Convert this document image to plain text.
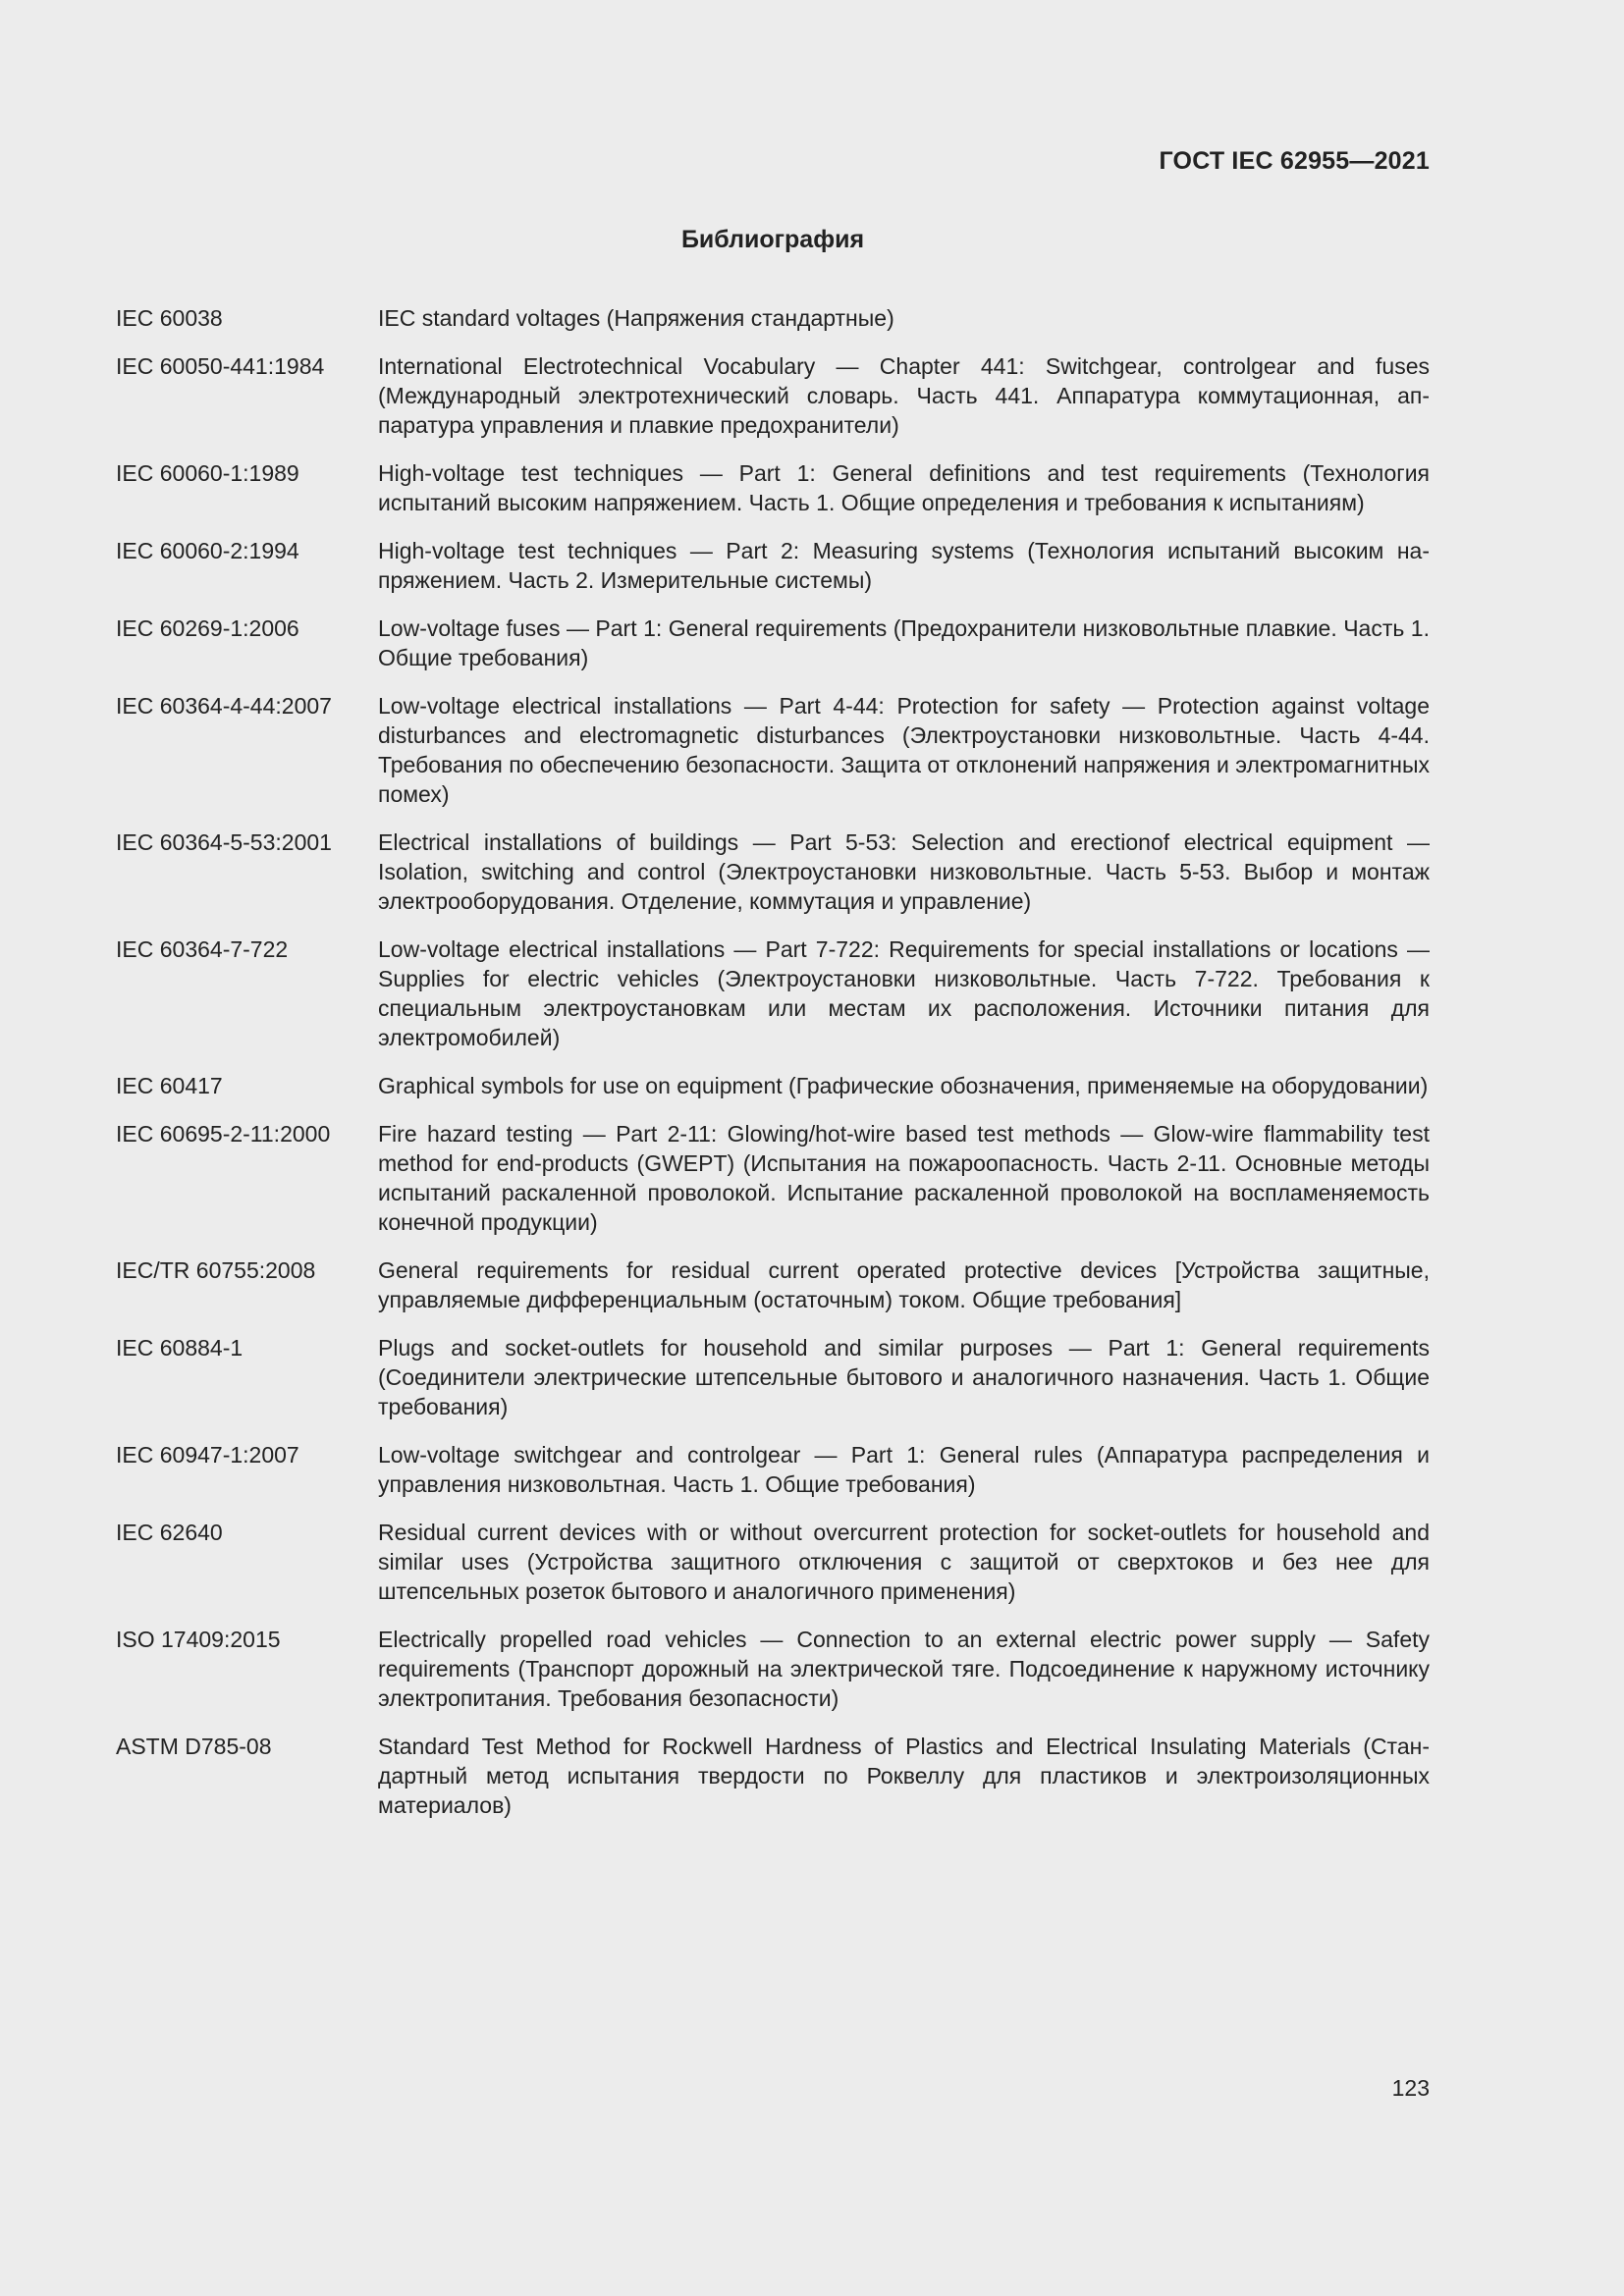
ГОСТ IEC 62955—2021
Библиография
IEC 60038	IEC standard voltages (Напряжения стандартные)
IEC 60050-441:1984	International Electrotechnical Vocabulary — Chapter 441: Switchgear, controlgear and fuses (Международный электротехнический словарь. Часть 441. Аппаратура коммутационная, аппаратура управления и плавкие предохранители)
IEC 60060-1:1989	High-voltage test techniques — Part 1: General definitions and test requirements (Технология испытаний высоким напряжением. Часть 1. Общие определения и требования к испытаниям)
IEC 60060-2:1994	High-voltage test techniques — Part 2: Measuring systems (Технология испытаний высоким напряжением. Часть 2. Измерительные системы)
IEC 60269-1:2006	Low-voltage fuses — Part 1: General requirements (Предохранители низковольтные плавкие. Часть 1. Общие требования)
IEC 60364-4-44:2007	Low-voltage electrical installations — Part 4-44: Protection for safety — Protection against voltage disturbances and electromagnetic disturbances (Электроустановки низковольтные. Часть 4-44. Требования по обеспечению безопасности. Защита от отклонений напряжения и электромагнитных помех)
IEC 60364-5-53:2001	Electrical installations of buildings — Part 5-53: Selection and erectionof electrical equipment — Isolation, switching and control (Электроустановки низковольтные. Часть 5-53. Выбор и монтаж электрооборудования. Отделение, коммутация и управление)
IEC 60364-7-722	Low-voltage electrical installations — Part 7-722: Requirements for special installations or locations — Supplies for electric vehicles (Электроустановки низковольтные. Часть 7-722. Требования к специальным электроустановкам или местам их расположения. Источники питания для электромобилей)
IEC 60417	Graphical symbols for use on equipment (Графические обозначения, применяемые на оборудовании)
IEC 60695-2-11:2000	Fire hazard testing — Part 2-11: Glowing/hot-wire based test methods — Glow-wire flammability test method for end-products (GWEPT) (Испытания на пожароопасность. Часть 2-11. Основные методы испытаний раскаленной проволокой. Испытание раскаленной проволокой на воспламеняемость конечной продукции)
IEC/TR 60755:2008	General requirements for residual current operated protective devices [Устройства защитные, управляемые дифференциальным (остаточным) током. Общие требования]
IEC 60884-1	Plugs and socket-outlets for household and similar purposes — Part 1: General requirements (Соединители электрические штепсельные бытового и аналогичного назначения. Часть 1. Общие требования)
IEC 60947-1:2007	Low-voltage switchgear and controlgear — Part 1: General rules (Аппаратура распределения и управления низковольтная. Часть 1. Общие требования)
IEC 62640	Residual current devices with or without overcurrent protection for socket-outlets for household and similar uses (Устройства защитного отключения с защитой от сверхтоков и без нее для штепсельных розеток бытового и аналогичного применения)
ISO 17409:2015	Electrically propelled road vehicles — Connection to an external electric power supply — Safety requirements (Транспорт дорожный на электрической тяге. Подсоединение к наружному источнику электропитания. Требования безопасности)
ASTM D785-08	Standard Test Method for Rockwell Hardness of Plastics and Electrical Insulating Materials (Стандартный метод испытания твердости по Роквеллу для пластиков и электроизоляционных материалов)
123
